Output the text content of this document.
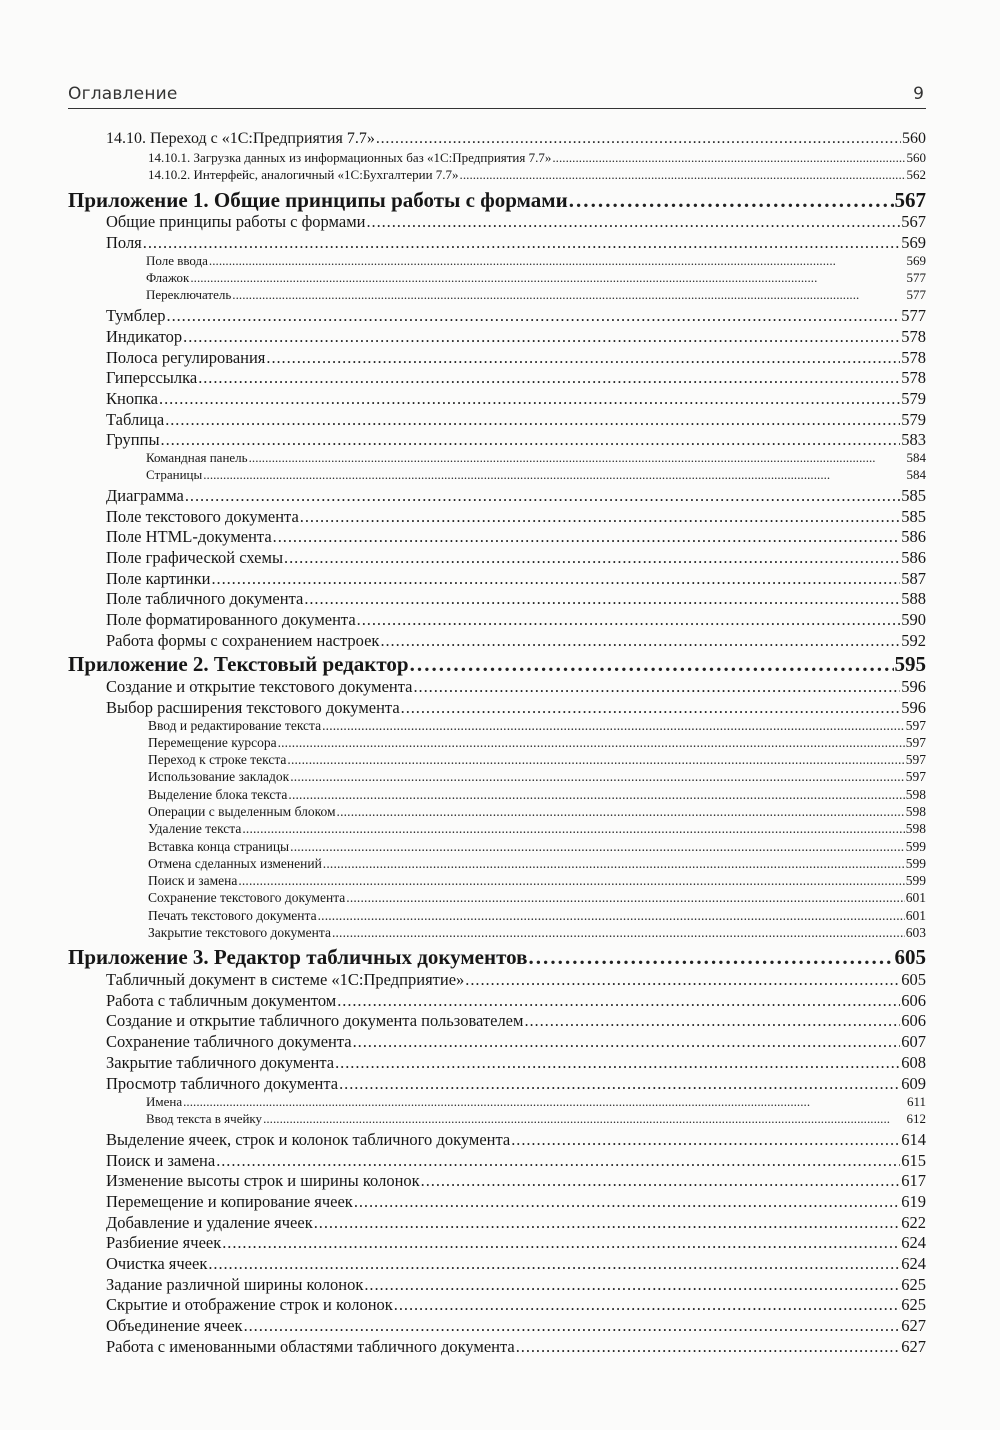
Оглавление	9
14.10. Переход с «1С:Предприятия 7.7» . . .	560
14.10.1. Загрузка данных из информационных баз «1С:Предприятия 7.7» . . .	560
14.10.2. Интерфейс, аналогичный «1С:Бухгалтерии 7.7» . . .	562
Приложение 1. Общие принципы работы с формами . . .	567
Общие принципы работы с формами . . .	567
Поля . . .	569
Поле ввода . . .	569
Флажок . . .	577
Переключатель . . .	577
Тумблер . . .	577
Индикатор . . .	578
Полоса регулирования . . .	578
Гиперссылка . . .	578
Кнопка . . .	579
Таблица . . .	579
Группы . . .	583
Командная панель . . .	584
Страницы . . .	584
Диаграмма . . .	585
Поле текстового документа . . .	585
Поле HTML-документа . . .	586
Поле графической схемы . . .	586
Поле картинки . . .	587
Поле табличного документа . . .	588
Поле форматированного документа . . .	590
Работа формы с сохранением настроек . . .	592
Приложение 2. Текстовый редактор . . .	595
Создание и открытие текстового документа . . .	596
Выбор расширения текстового документа . . .	596
Ввод и редактирование текста . . .	597
Перемещение курсора . . .	597
Переход к строке текста . . .	597
Использование закладок . . .	597
Выделение блока текста . . .	598
Операции с выделенным блоком . . .	598
Удаление текста . . .	598
Вставка конца страницы . . .	599
Отмена сделанных изменений . . .	599
Поиск и замена . . .	599
Сохранение текстового документа . . .	601
Печать текстового документа . . .	601
Закрытие текстового документа . . .	603
Приложение 3. Редактор табличных документов . . .	605
Табличный документ в системе «1С:Предприятие» . . .	605
Работа с табличным документом . . .	606
Создание и открытие табличного документа пользователем . . .	606
Сохранение табличного документа . . .	607
Закрытие табличного документа . . .	608
Просмотр табличного документа . . .	609
Имена . . .	611
Ввод текста в ячейку . . .	612
Выделение ячеек, строк и колонок табличного документа . . .	614
Поиск и замена . . .	615
Изменение высоты строк и ширины колонок . . .	617
Перемещение и копирование ячеек . . .	619
Добавление и удаление ячеек . . .	622
Разбиение ячеек . . .	624
Очистка ячеек . . .	624
Задание различной ширины колонок . . .	625
Скрытие и отображение строк и колонок . . .	625
Объединение ячеек . . .	627
Работа с именованными областями табличного документа . . .	627
